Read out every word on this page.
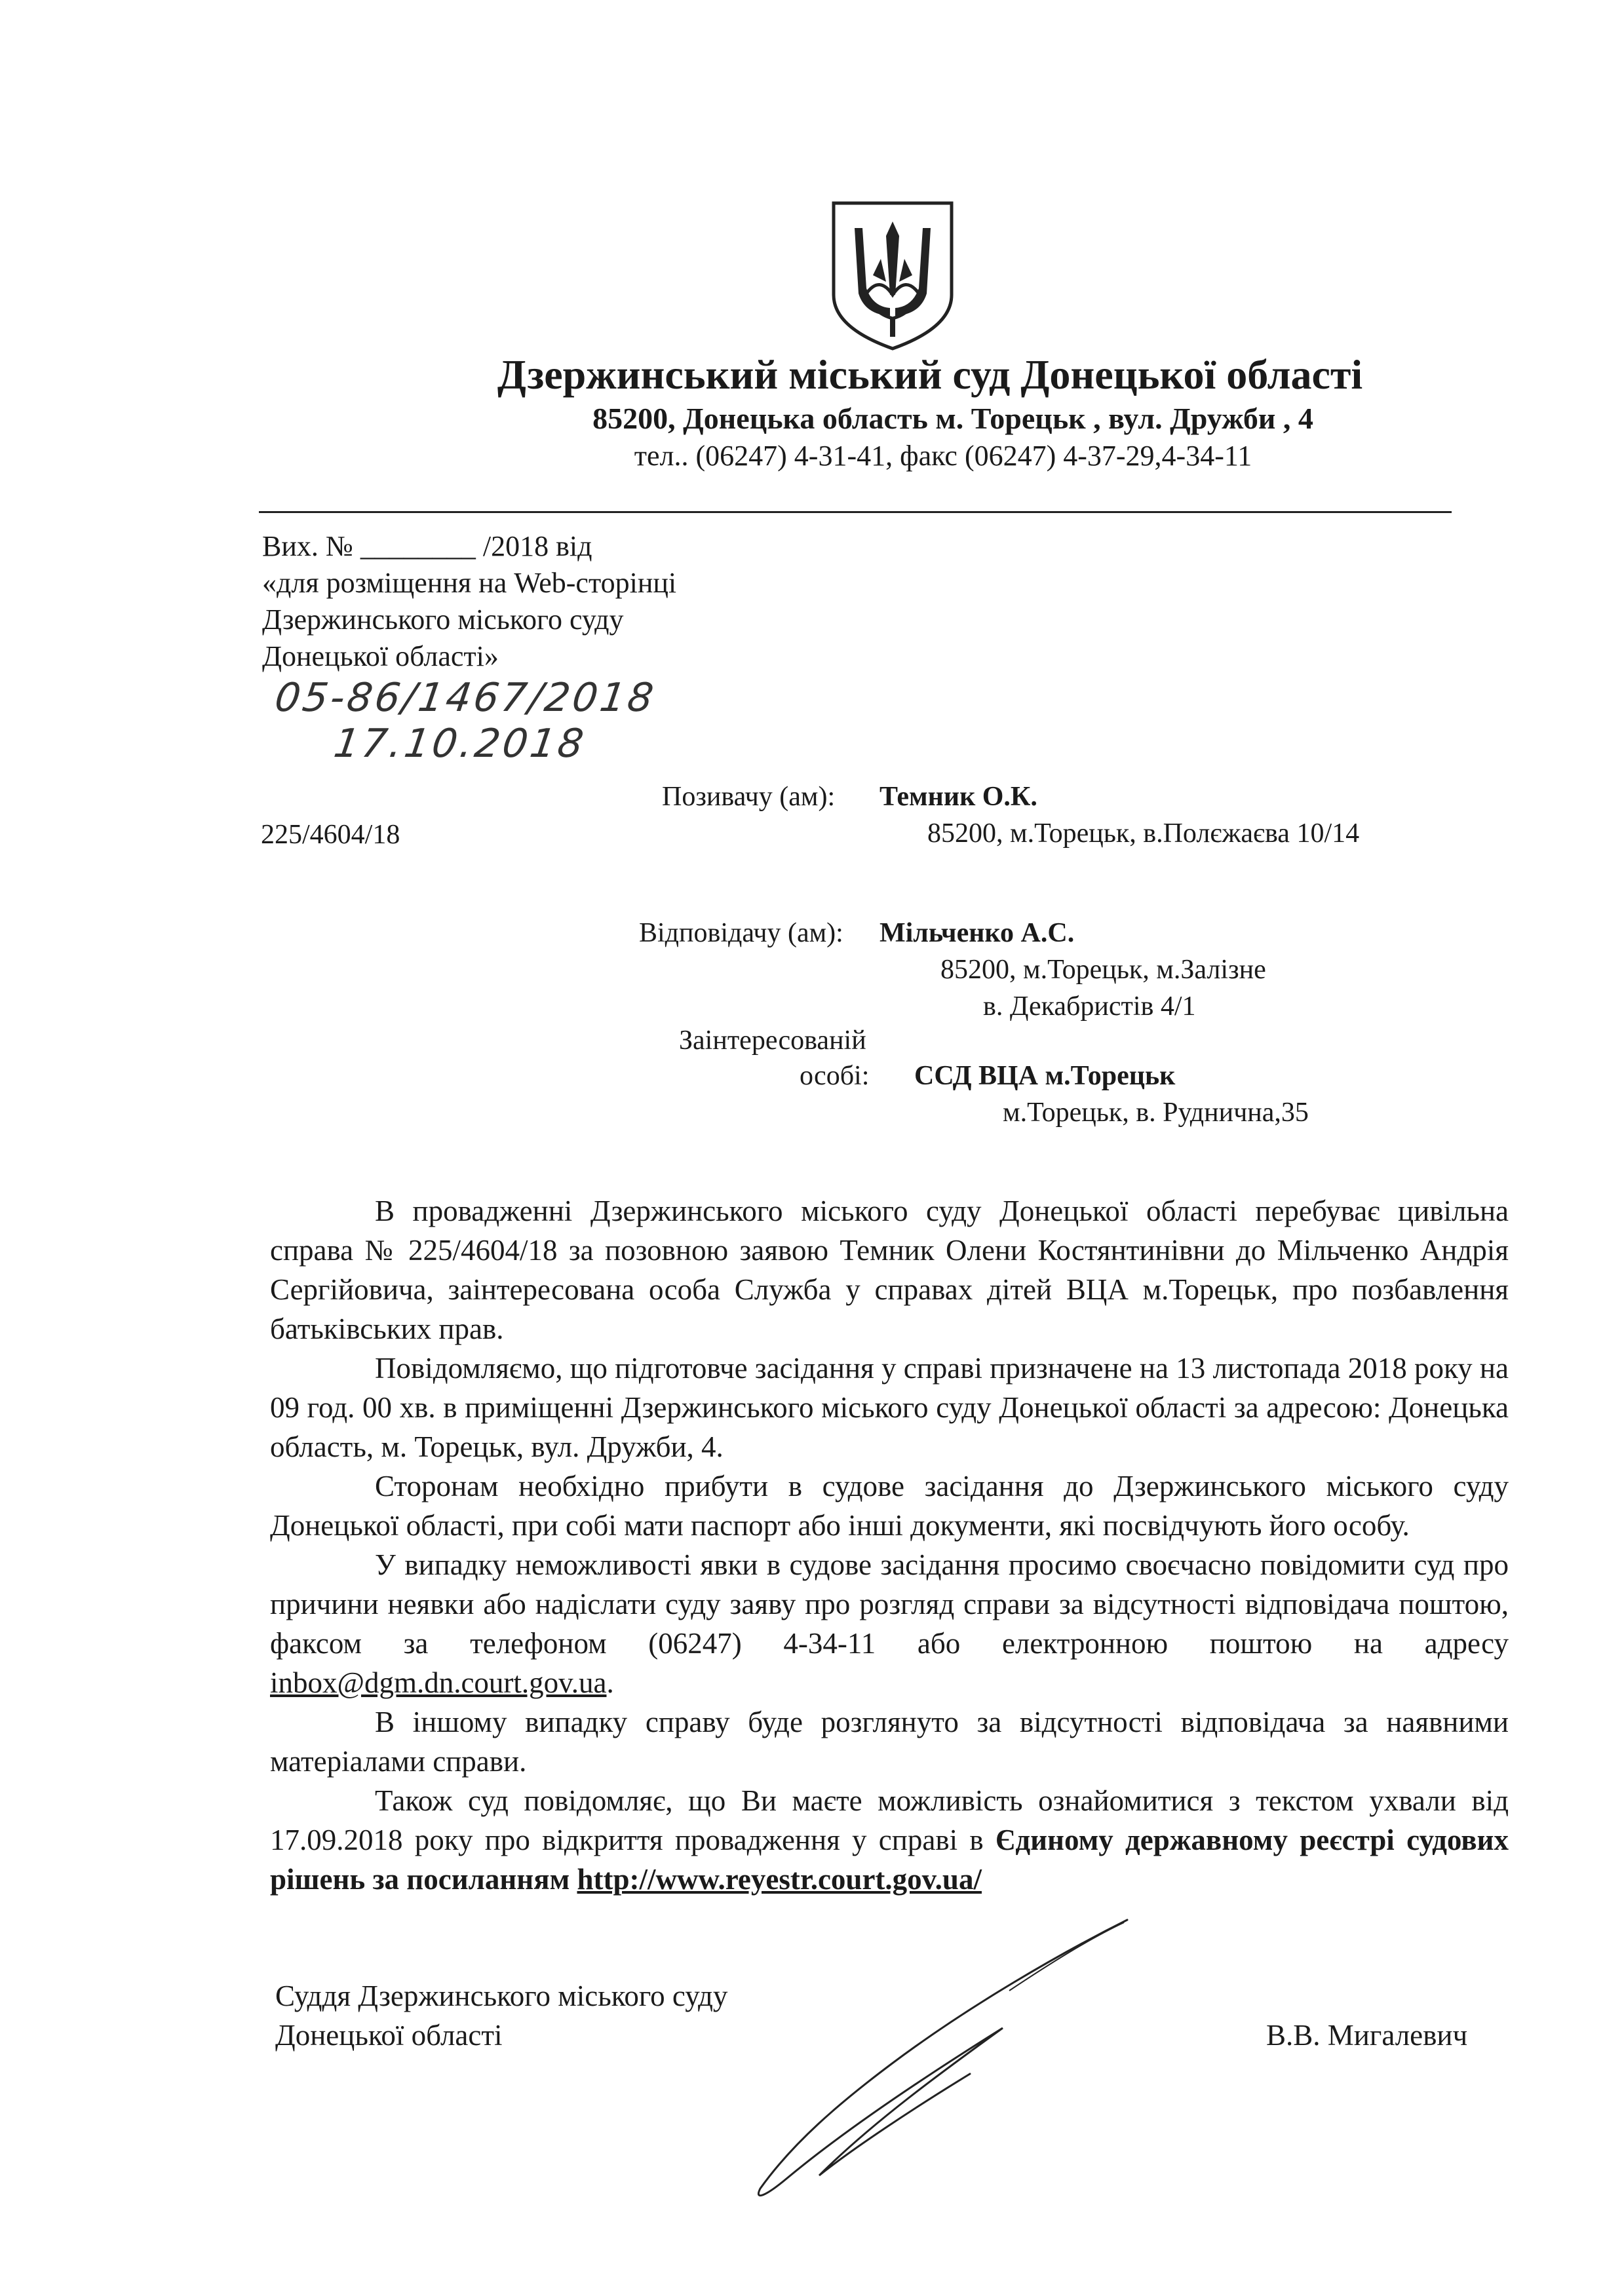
Дзержинський міський суд Донецької області
85200, Донецька область м. Торецьк , вул. Дружби , 4
тел.. (06247) 4-31-41, факс (06247) 4-37-29,4-34-11
Вих. № ________ /2018 від
«для розміщення на Web-сторінці
Дзержинського міського суду
Донецької області»
05-86/1467/2018
17.10.2018
225/4604/18
Позивачу (ам): Темник О.К.
85200, м.Торецьк, в.Полєжаєва 10/14
Відповідачу (ам): Мільченко А.С.
85200, м.Торецьк, м.Залізне
в. Декабристів 4/1
Заінтересованій
особі: ССД ВЦА м.Торецьк
м.Торецьк, в. Руднична,35

В провадженні Дзержинського міського суду Донецької області перебуває цивільна справа № 225/4604/18 за позовною заявою Темник Олени Костянтинівни до Мільченко Андрія Сергійовича, заінтересована особа Служба у справах дітей ВЦА м.Торецьк, про позбавлення батьківських прав.

Повідомляємо, що підготовче засідання у справі призначене на 13 листопада 2018 року на 09 год. 00 хв. в приміщенні Дзержинського міського суду Донецької області за адресою: Донецька область, м. Торецьк, вул. Дружби, 4.

Сторонам необхідно прибути в судове засідання до Дзержинського міського суду Донецької області, при собі мати паспорт або інші документи, які посвідчують його особу.

У випадку неможливості явки в судове засідання просимо своєчасно повідомити суд про причини неявки або надіслати суду заяву про розгляд справи за відсутності відповідача поштою, факсом за телефоном (06247) 4-34-11 або електронною поштою на адресу inbox@dgm.dn.court.gov.ua.

В іншому випадку справу буде розглянуто за відсутності відповідача за наявними матеріалами справи.

Також суд повідомляє, що Ви маєте можливість ознайомитися з текстом ухвали від 17.09.2018 року про відкриття провадження у справі в Єдиному державному реєстрі судових рішень за посиланням http://www.reyestr.court.gov.ua/

Суддя Дзержинського міського суду
Донецької області	В.В. Мигалевич
